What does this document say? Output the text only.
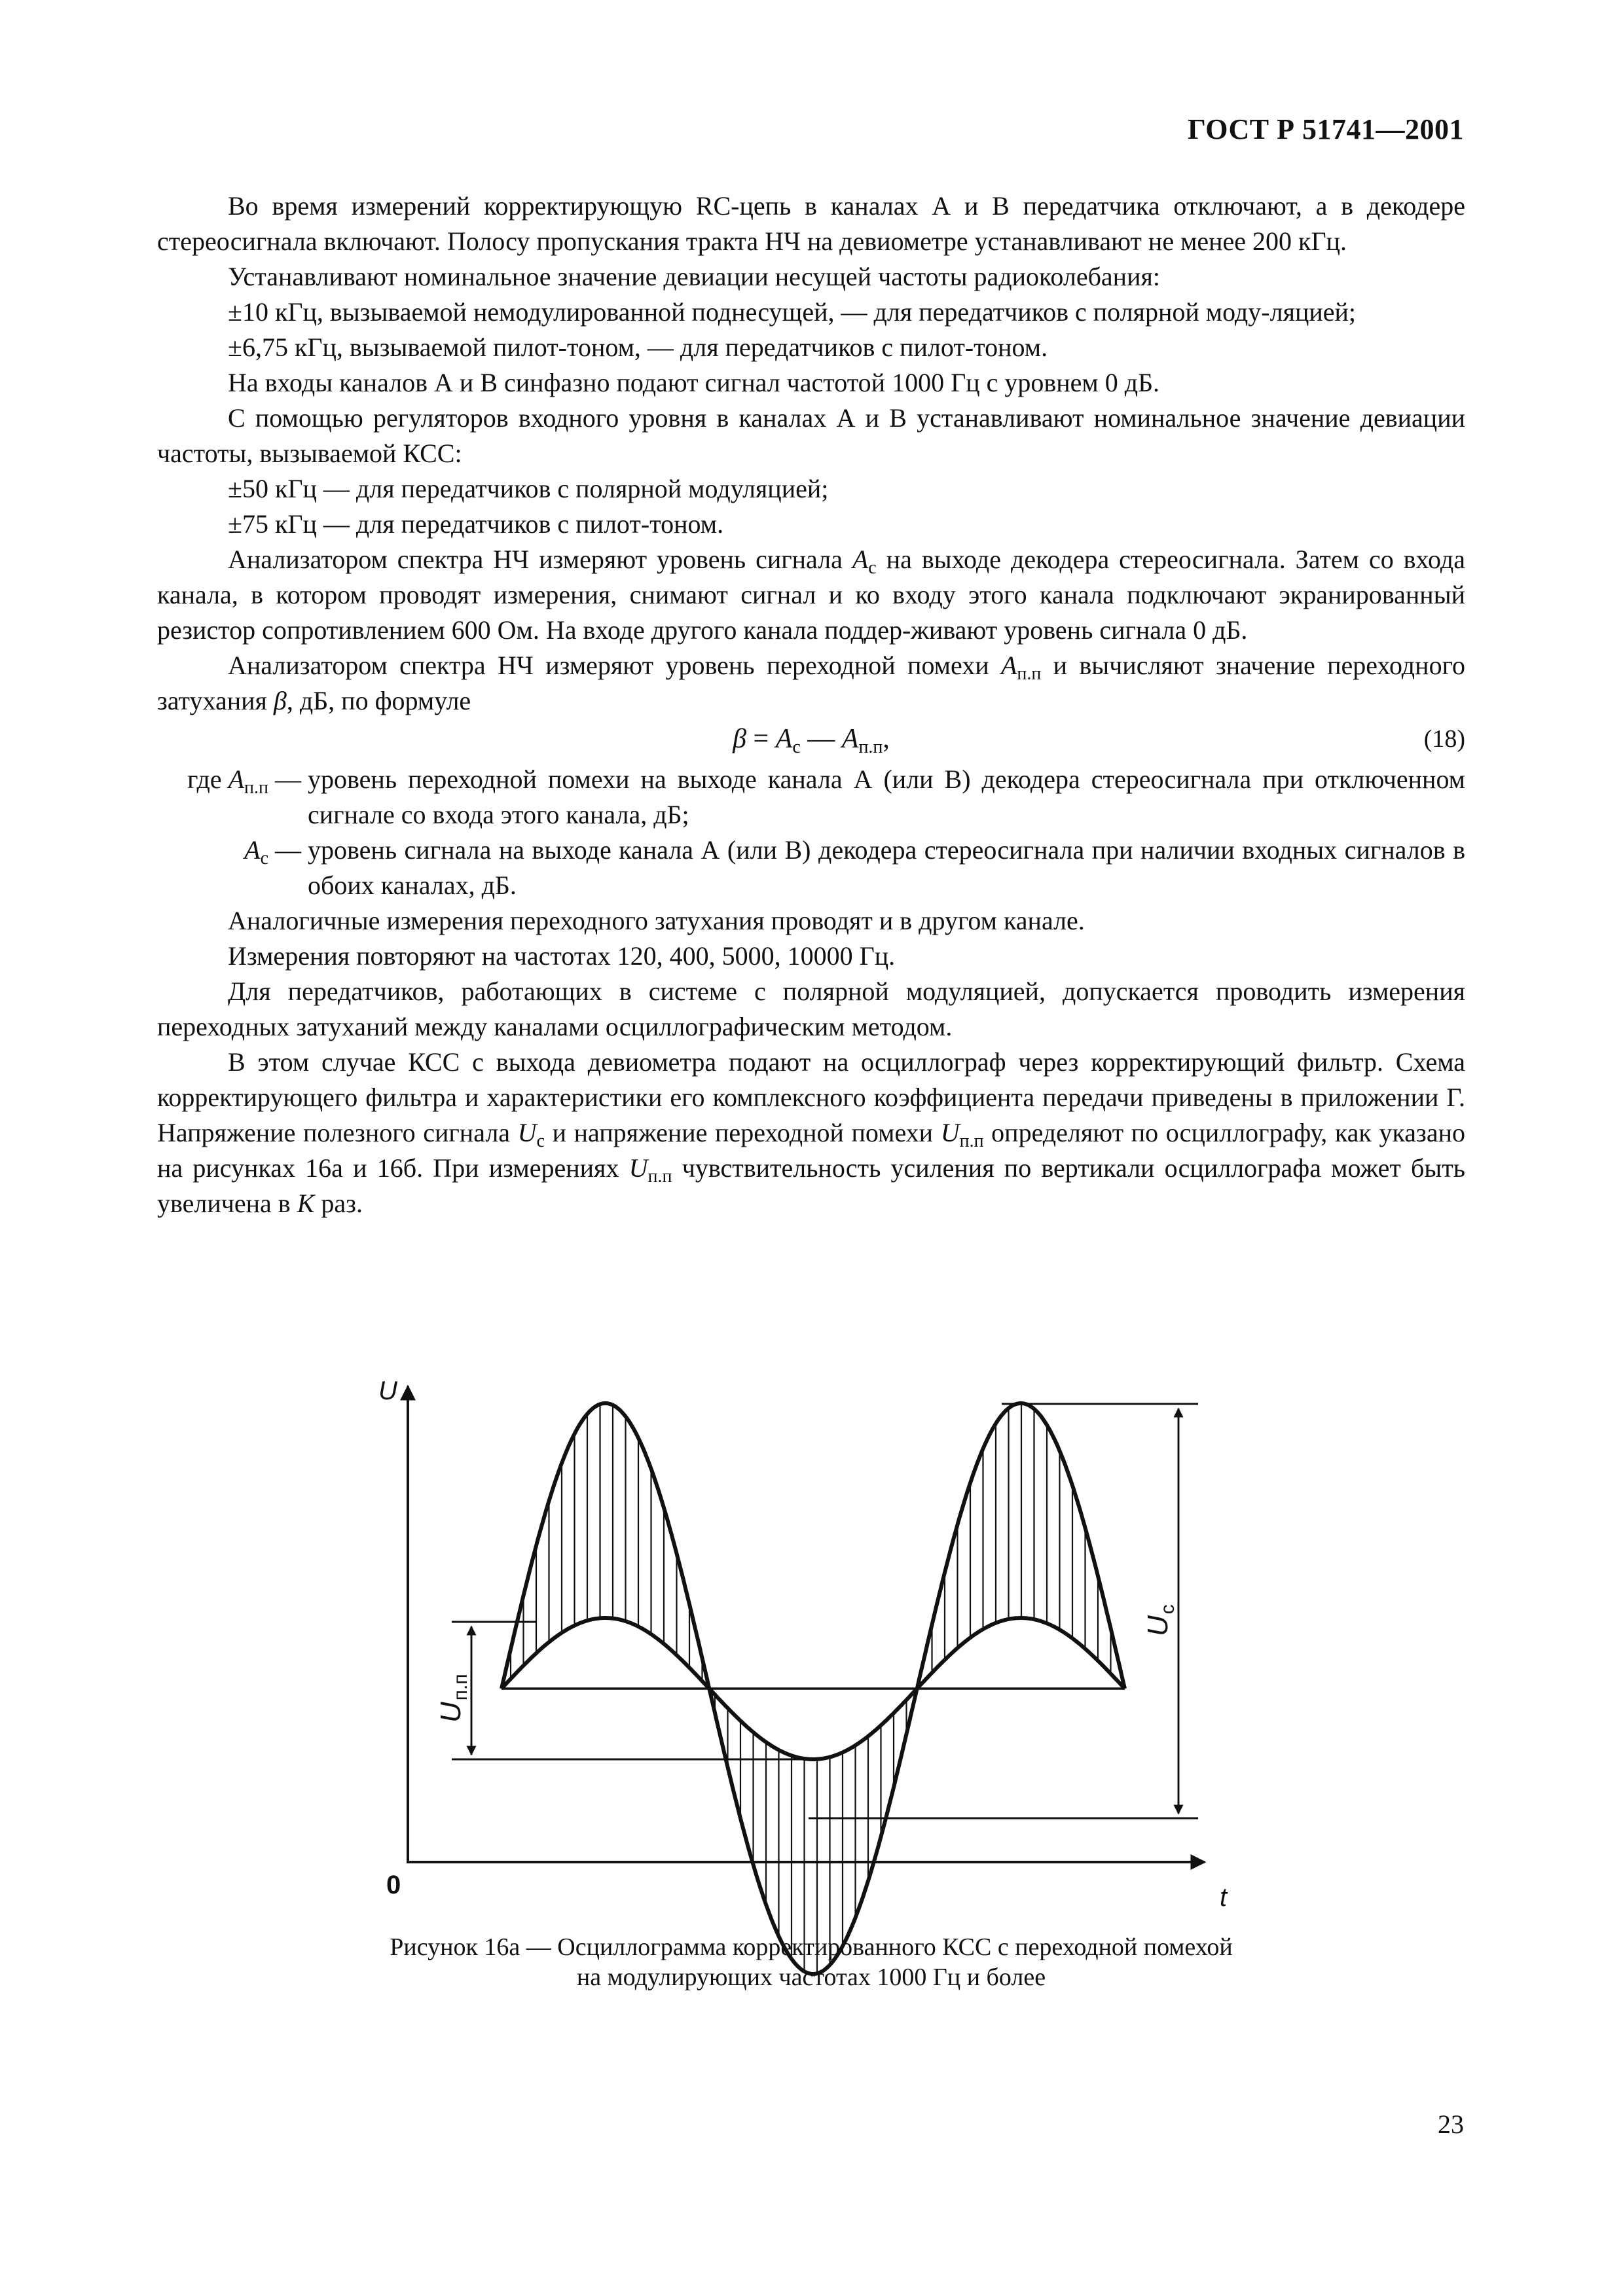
ГОСТ Р 51741—2001

Во время измерений корректирующую RC-цепь в каналах А и В передатчика отключают, а в декодере стереосигнала включают. Полосу пропускания тракта НЧ на девиометре устанавливают не менее 200 кГц.

Устанавливают номинальное значение девиации несущей частоты радиоколебания:

±10 кГц, вызываемой немодулированной поднесущей, — для передатчиков с полярной моду-ляцией;

±6,75 кГц, вызываемой пилот-тоном, — для передатчиков с пилот-тоном.

На входы каналов А и В синфазно подают сигнал частотой 1000 Гц с уровнем 0 дБ.

С помощью регуляторов входного уровня в каналах А и В устанавливают номинальное значение девиации частоты, вызываемой КСС:

±50 кГц — для передатчиков с полярной модуляцией;

±75 кГц — для передатчиков с пилот-тоном.

Анализатором спектра НЧ измеряют уровень сигнала $A_с$ на выходе декодера стереосигнала. Затем со входа канала, в котором проводят измерения, снимают сигнал и ко входу этого канала подключают экранированный резистор сопротивлением 600 Ом. На входе другого канала поддер-живают уровень сигнала 0 дБ.

Анализатором спектра НЧ измеряют уровень переходной помехи $A_{п.п}$ и вычисляют значение переходного затухания β, дБ, по формуле

$\beta = A_с$ — $A_{п.п}$,	(18)
где $A_{п.п}$ — уровень переходной помехи на выходе канала А (или В) декодера стереосигнала при отключенном сигнале со входа этого канала, дБ;
$A_с$ — уровень сигнала на выходе канала А (или В) декодера стереосигнала при наличии входных сигналов в обоих каналах, дБ.

Аналогичные измерения переходного затухания проводят и в другом канале.

Измерения повторяют на частотах 120, 400, 5000, 10000 Гц.

Для передатчиков, работающих в системе с полярной модуляцией, допускается проводить измерения переходных затуханий между каналами осциллографическим методом.

В этом случае КСС с выхода девиометра подают на осциллограф через корректирующий фильтр. Схема корректирующего фильтра и характеристики его комплексного коэффициента передачи приведены в приложении Г. Напряжение полезного сигнала $U_с$ и напряжение переходной помехи $U_{п.п}$ определяют по осциллографу, как указано на рисунках 16а и 16б. При измерениях $U_{п.п}$ чувствительность усиления по вертикали осциллографа может быть увеличена в K раз.

U
t
0
$U_с$
$U_{п.п}$
Рисунок 16а — Осциллограмма корректированного КСС с переходной помехой
на модулирующих частотах 1000 Гц и более
23
